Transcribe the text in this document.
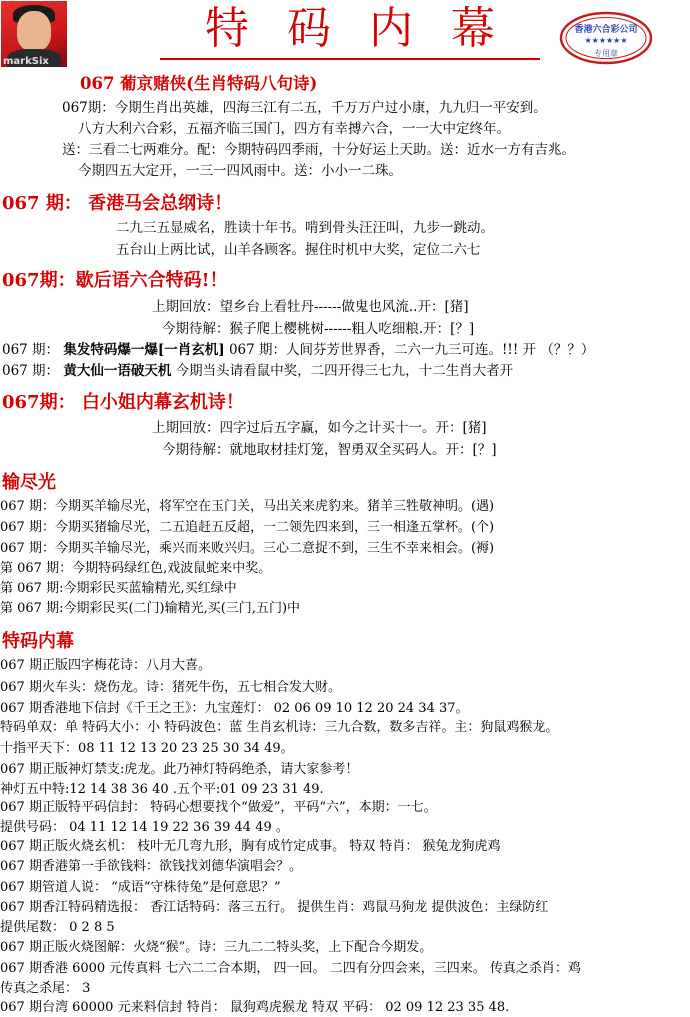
markSix
特码内幕	香港六合彩公司
★★★★★★
专用章
067 葡京赌侠(生肖特码八句诗)
067期：今期生肖出英雄，四海三江有二五，千万万户过小康，九九归一平安到。
八方大利六合彩，五福齐临三国门，四方有幸搏六合，一一大中定终年。
送：三看二七两难分。配：今期特码四季雨，十分好运上天助。送：近水一方有吉兆。
今期四五大定开，一三一四风雨中。送：小小一二珠。
067 期： 香港马会总纲诗！
二九三五显威名，胜读十年书。啃到骨头汪汪叫，九步一跳动。
五台山上两比试，山羊各顾客。握住时机中大奖，定位二六七
067期：歇后语六合特码!！
上期回放：望乡台上看牡丹------做鬼也风流..开：[猪]
今期待解：猴子爬上樱桃树------粗人吃细粮.开：[？]
067 期： 集发特码爆一爆[一肖玄机] 067 期：人间芬芳世界香，二六一九三可连。!!! 开 （？？）
067 期： 黄大仙一语破天机 今期当头请看鼠中奖，二四开得三七九，十二生肖大者开
067期： 白小姐内幕玄机诗！
上期回放：四字过后五字赢，如今之计买十一。开：[猪]
今期待解：就地取材挂灯笼，智勇双全买码人。开：[？]
输尽光
067 期：今期买羊输尽光，将军空在玉门关，马出关来虎豹来。猪羊三牲敬神明。(遇)
067 期：今期买猪输尽光，二五追赶五反超，一二领先四来到，三一相逢五掌杯。(个)
067 期：今期买羊输尽光，乘兴而来败兴归。三心二意捉不到，三生不幸来相会。(褥)
第 067 期：今期特码绿红色,戏波鼠蛇来中奖。
第 067 期:今期彩民买蓝输精光,买红绿中
第 067 期:今期彩民买(二门)输精光,买(三门,五门)中
特码内幕
067 期正版四字梅花诗：八月大喜。
067 期火车头：烧伤龙。诗：猪死牛伤，五七相合发大财。
067 期香港地下信封《千王之王》：九宝莲灯： 02 06 09 10 12 20 24 34 37。
特码单双：单 特码大小：小 特码波色：蓝 生肖玄机诗：三九合数，数多吉祥。主：狗鼠鸡猴龙。
十指平天下：08 11 12 13 20 23 25 30 34 49。
067 期正版神灯禁支:虎龙。此乃神灯特码绝杀，请大家参考！
神灯五中特:12 14 38 36 40 .五个平:01 09 23 31 49.
067 期正版特平码信封： 特码心想要找个“做爱”，平码“六”，本期：一七。
提供号码： 04 11 12 14 19 22 36 39 44 49 。
067 期正版火烧玄机： 枝叶无几弯九形，胸有成竹定成事。 特双 特肖： 猴兔龙狗虎鸡
067 期香港第一手欲钱料：欲钱找刘德华演唱会？。
067 期管道人说： “成语“守株待兔”是何意思？”
067 期香江特码精选报： 香江话特码：落三五行。 提供生肖：鸡鼠马狗龙 提供波色：主绿防红
提供尾数： 0 2 8 5
067 期正版火烧图解：火烧“猴”。诗：三九二二特头奖，上下配合今期发。
067 期香港 6000 元传真料 七六二二合本期， 四一回。 二四有分四会来，三四来。 传真之杀肖：鸡
传真之杀尾： 3
067 期台湾 60000 元来料信封 特肖： 鼠狗鸡虎猴龙 特双 平码： 02 09 12 23 35 48.
